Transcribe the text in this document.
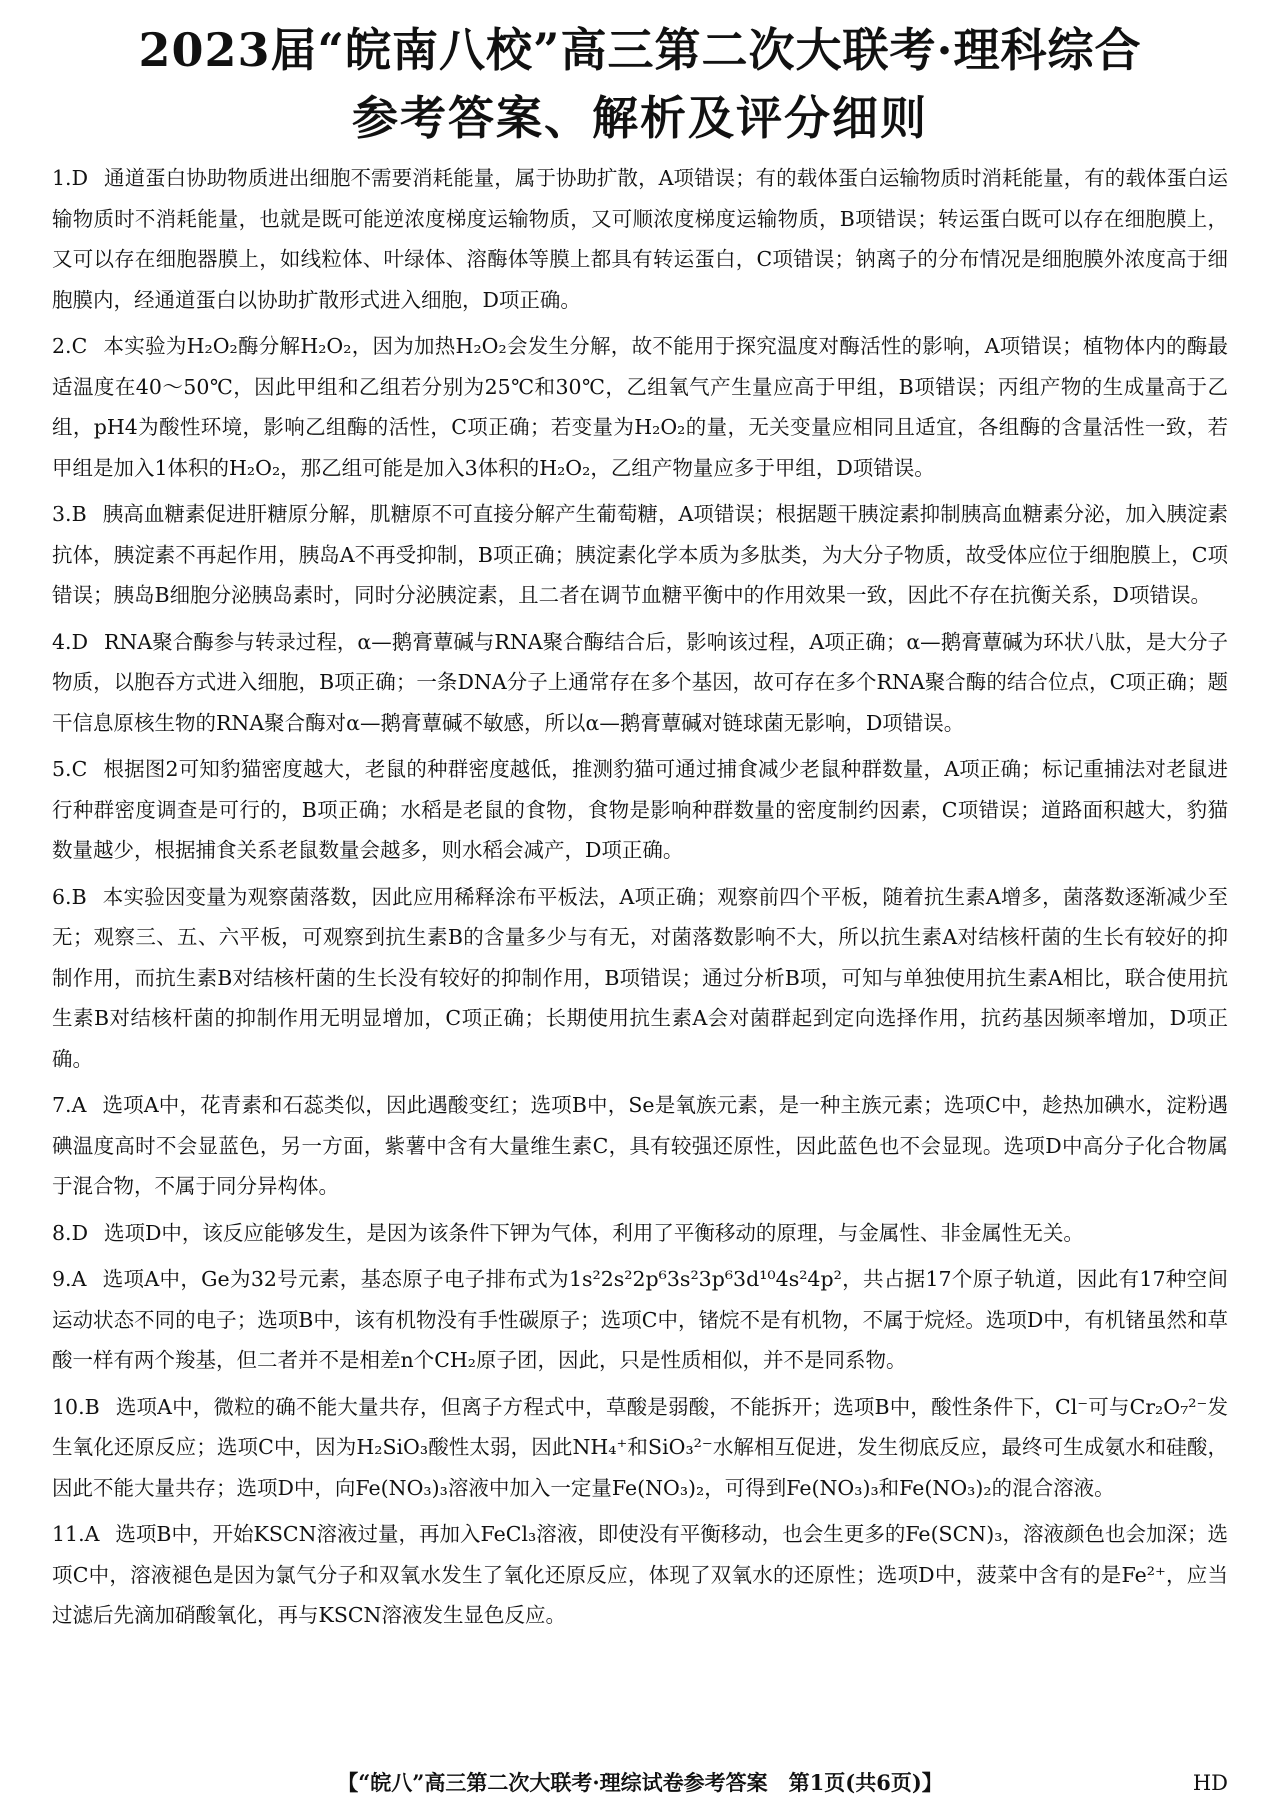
2023届“皖南八校”高三第二次大联考·理科综合
参考答案、解析及评分细则

1.D 通道蛋白协助物质进出细胞不需要消耗能量，属于协助扩散，A项错误；有的载体蛋白运输物质时消耗能量，有的载体蛋白运输物质时不消耗能量，也就是既可能逆浓度梯度运输物质，又可顺浓度梯度运输物质，B项错误；转运蛋白既可以存在细胞膜上，又可以存在细胞器膜上，如线粒体、叶绿体、溶酶体等膜上都具有转运蛋白，C项错误；钠离子的分布情况是细胞膜外浓度高于细胞膜内，经通道蛋白以协助扩散形式进入细胞，D项正确。

2.C 本实验为H₂O₂酶分解H₂O₂，因为加热H₂O₂会发生分解，故不能用于探究温度对酶活性的影响，A项错误；植物体内的酶最适温度在40～50℃，因此甲组和乙组若分别为25℃和30℃，乙组氧气产生量应高于甲组，B项错误；丙组产物的生成量高于乙组，pH4为酸性环境，影响乙组酶的活性，C项正确；若变量为H₂O₂的量，无关变量应相同且适宜，各组酶的含量活性一致，若甲组是加入1体积的H₂O₂，那乙组可能是加入3体积的H₂O₂，乙组产物量应多于甲组，D项错误。

3.B 胰高血糖素促进肝糖原分解，肌糖原不可直接分解产生葡萄糖，A项错误；根据题干胰淀素抑制胰高血糖素分泌，加入胰淀素抗体，胰淀素不再起作用，胰岛A不再受抑制，B项正确；胰淀素化学本质为多肽类，为大分子物质，故受体应位于细胞膜上，C项错误；胰岛B细胞分泌胰岛素时，同时分泌胰淀素，且二者在调节血糖平衡中的作用效果一致，因此不存在抗衡关系，D项错误。

4.D RNA聚合酶参与转录过程，α—鹅膏蕈碱与RNA聚合酶结合后，影响该过程，A项正确；α—鹅膏蕈碱为环状八肽，是大分子物质，以胞吞方式进入细胞，B项正确；一条DNA分子上通常存在多个基因，故可存在多个RNA聚合酶的结合位点，C项正确；题干信息原核生物的RNA聚合酶对α—鹅膏蕈碱不敏感，所以α—鹅膏蕈碱对链球菌无影响，D项错误。

5.C 根据图2可知豹猫密度越大，老鼠的种群密度越低，推测豹猫可通过捕食减少老鼠种群数量，A项正确；标记重捕法对老鼠进行种群密度调查是可行的，B项正确；水稻是老鼠的食物，食物是影响种群数量的密度制约因素，C项错误；道路面积越大，豹猫数量越少，根据捕食关系老鼠数量会越多，则水稻会减产，D项正确。

6.B 本实验因变量为观察菌落数，因此应用稀释涂布平板法，A项正确；观察前四个平板，随着抗生素A增多，菌落数逐渐减少至无；观察三、五、六平板，可观察到抗生素B的含量多少与有无，对菌落数影响不大，所以抗生素A对结核杆菌的生长有较好的抑制作用，而抗生素B对结核杆菌的生长没有较好的抑制作用，B项错误；通过分析B项，可知与单独使用抗生素A相比，联合使用抗生素B对结核杆菌的抑制作用无明显增加，C项正确；长期使用抗生素A会对菌群起到定向选择作用，抗药基因频率增加，D项正确。

7.A 选项A中，花青素和石蕊类似，因此遇酸变红；选项B中，Se是氧族元素，是一种主族元素；选项C中，趁热加碘水，淀粉遇碘温度高时不会显蓝色，另一方面，紫薯中含有大量维生素C，具有较强还原性，因此蓝色也不会显现。选项D中高分子化合物属于混合物，不属于同分异构体。

8.D 选项D中，该反应能够发生，是因为该条件下钾为气体，利用了平衡移动的原理，与金属性、非金属性无关。

9.A 选项A中，Ge为32号元素，基态原子电子排布式为1s²2s²2p⁶3s²3p⁶3d¹⁰4s²4p²，共占据17个原子轨道，因此有17种空间运动状态不同的电子；选项B中，该有机物没有手性碳原子；选项C中，锗烷不是有机物，不属于烷烃。选项D中，有机锗虽然和草酸一样有两个羧基，但二者并不是相差n个CH₂原子团，因此，只是性质相似，并不是同系物。

10.B 选项A中，微粒的确不能大量共存，但离子方程式中，草酸是弱酸，不能拆开；选项B中，酸性条件下，Cl⁻可与Cr₂O₇²⁻发生氧化还原反应；选项C中，因为H₂SiO₃酸性太弱，因此NH₄⁺和SiO₃²⁻水解相互促进，发生彻底反应，最终可生成氨水和硅酸，因此不能大量共存；选项D中，向Fe(NO₃)₃溶液中加入一定量Fe(NO₃)₂，可得到Fe(NO₃)₃和Fe(NO₃)₂的混合溶液。

11.A 选项B中，开始KSCN溶液过量，再加入FeCl₃溶液，即使没有平衡移动，也会生更多的Fe(SCN)₃，溶液颜色也会加深；选项C中，溶液褪色是因为氯气分子和双氧水发生了氧化还原反应，体现了双氧水的还原性；选项D中，菠菜中含有的是Fe²⁺，应当过滤后先滴加硝酸氧化，再与KSCN溶液发生显色反应。

【“皖八”高三第二次大联考·理综试卷参考答案　第1页(共6页)】	HD
